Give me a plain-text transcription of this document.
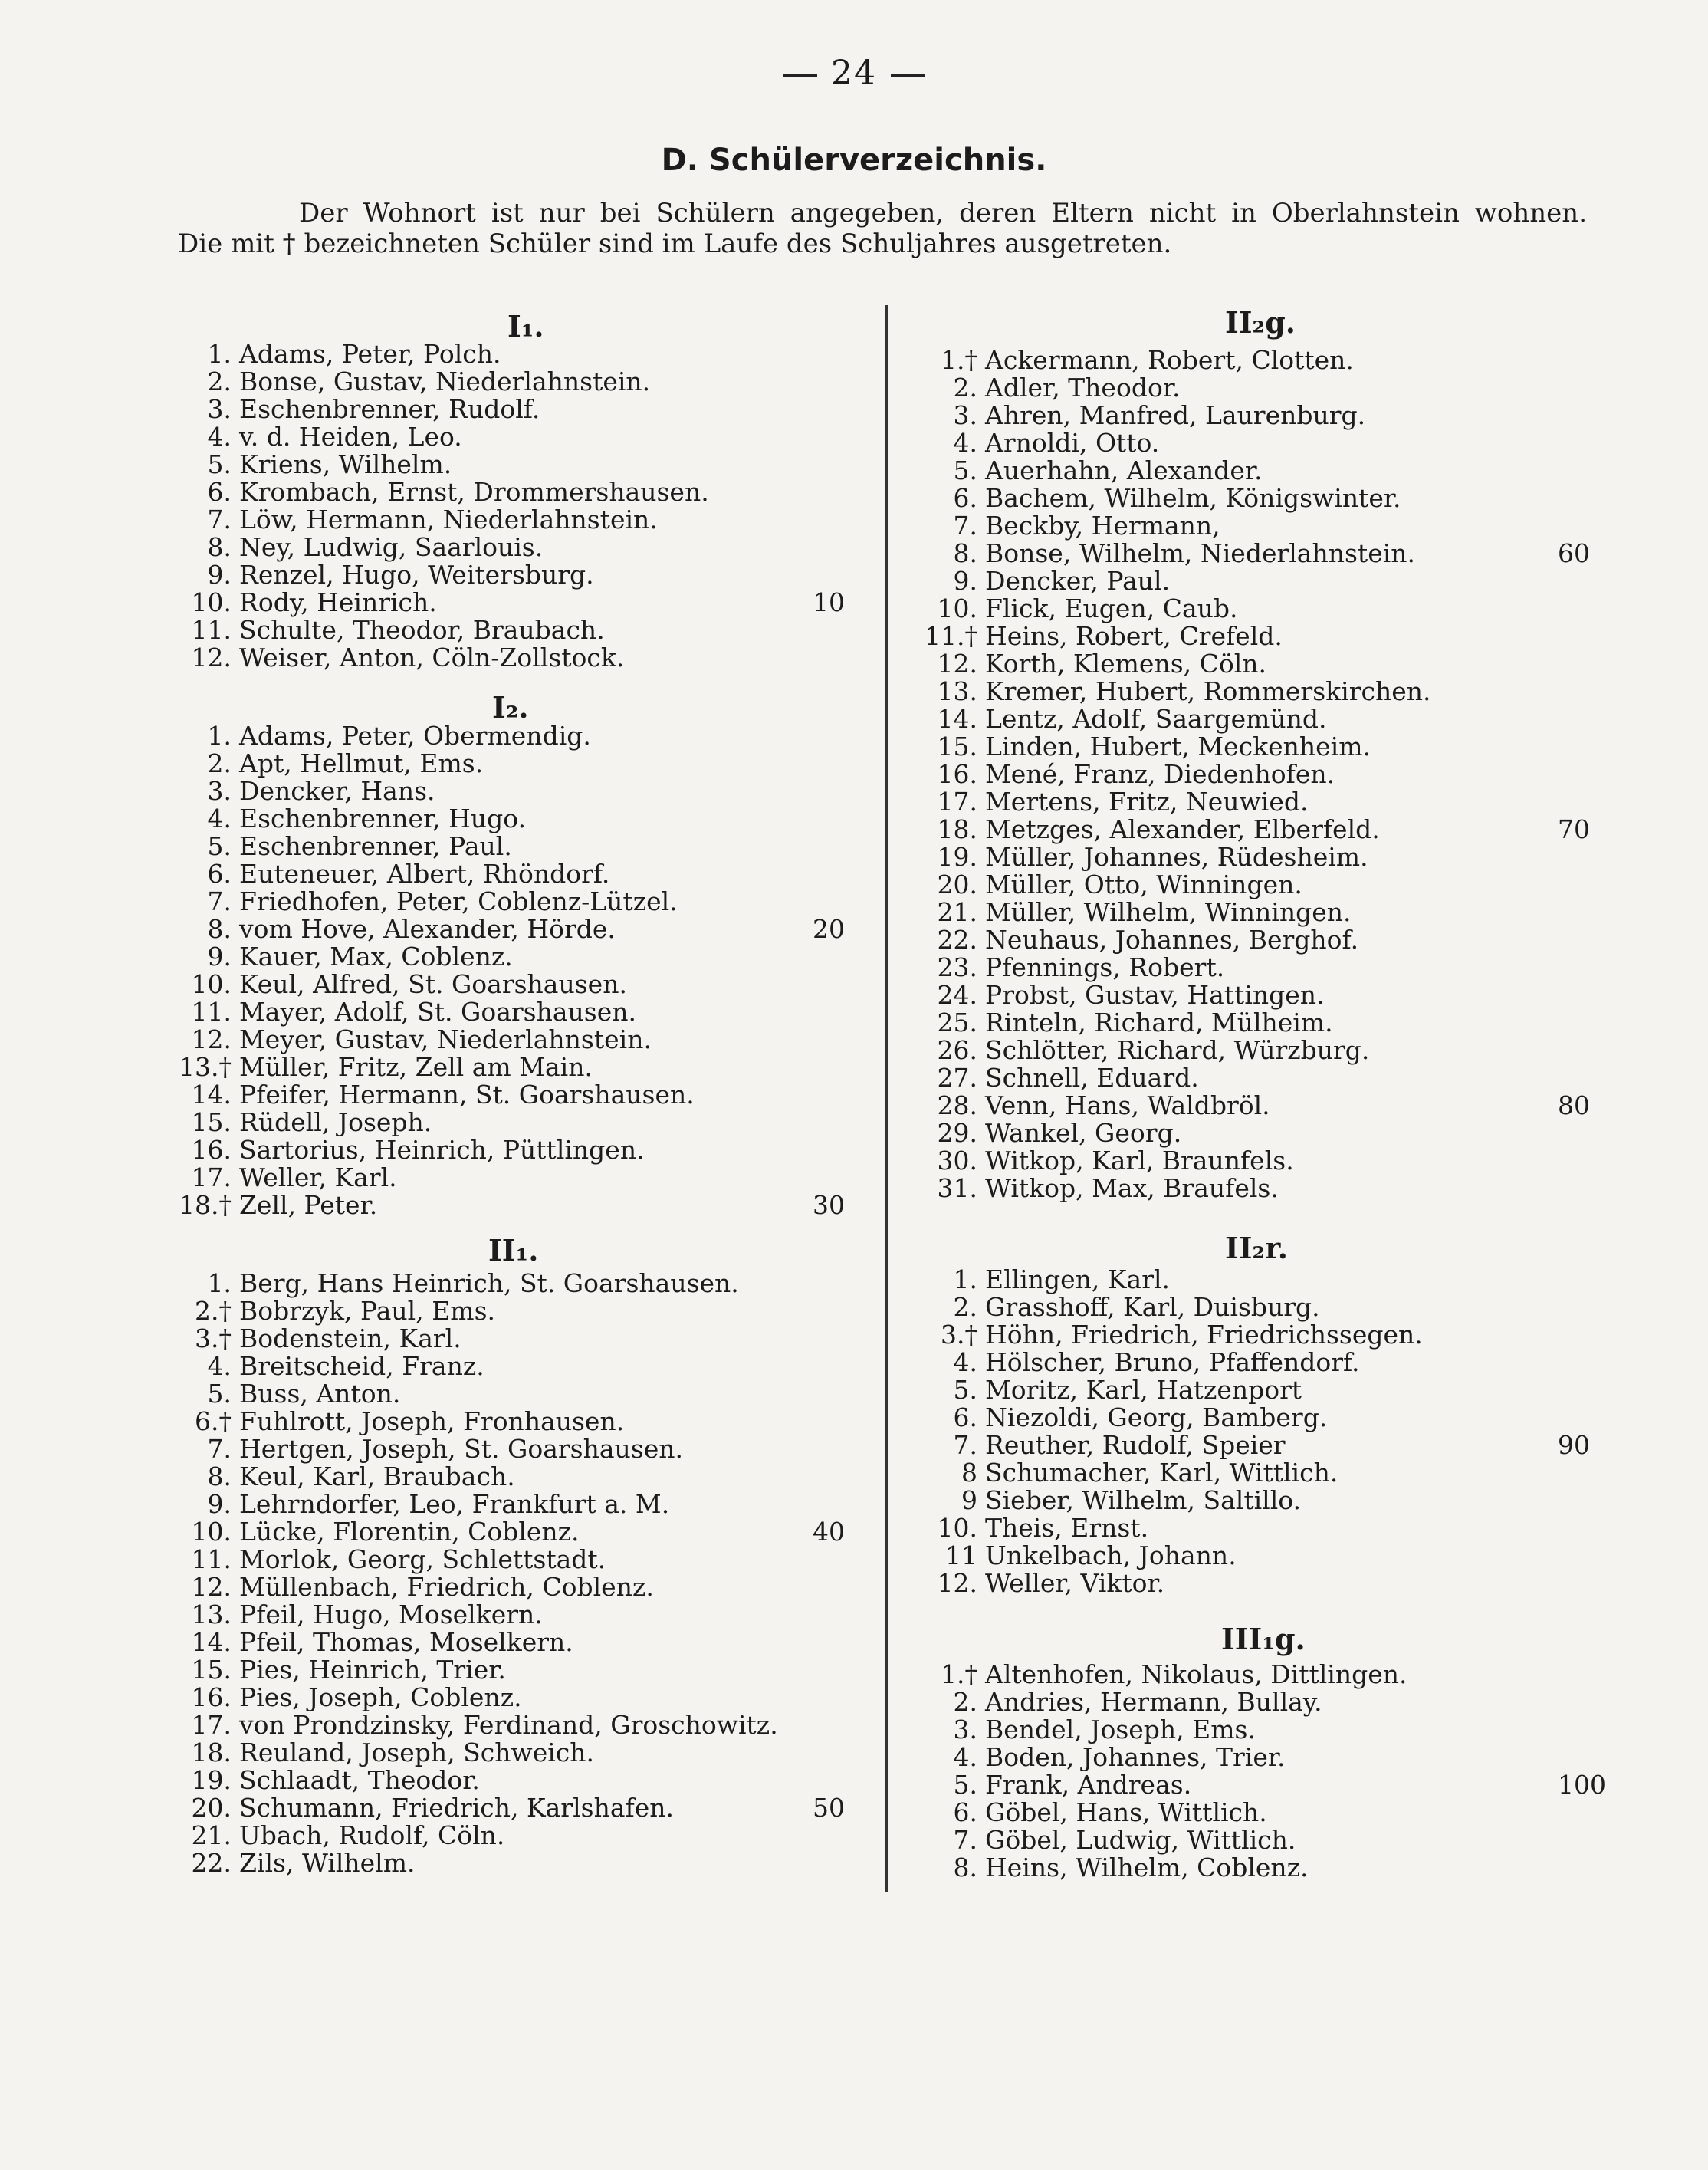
24
D. Schülerverzeichnis.
Der Wohnort ist nur bei Schülern angegeben, deren Eltern nicht in Oberlahnstein wohnen.
Die mit † bezeichneten Schüler sind im Laufe des Schuljahres ausgetreten.
I₁.
1. Adams, Peter, Polch.
2. Bonse, Gustav, Niederlahnstein.
3. Eschenbrenner, Rudolf.
4. v. d. Heiden, Leo.
5. Kriens, Wilhelm.
6. Krombach, Ernst, Drommershausen.
7. Löw, Hermann, Niederlahnstein.
8. Ney, Ludwig, Saarlouis.
9. Renzel, Hugo, Weitersburg.
10. Rody, Heinrich.	10
11. Schulte, Theodor, Braubach.
12. Weiser, Anton, Cöln-Zollstock.
I₂.
1. Adams, Peter, Obermendig.
2. Apt, Hellmut, Ems.
3. Dencker, Hans.
4. Eschenbrenner, Hugo.
5. Eschenbrenner, Paul.
6. Euteneuer, Albert, Rhöndorf.
7. Friedhofen, Peter, Coblenz-Lützel.
8. vom Hove, Alexander, Hörde.	20
9. Kauer, Max, Coblenz.
10. Keul, Alfred, St. Goarshausen.
11. Mayer, Adolf, St. Goarshausen.
12. Meyer, Gustav, Niederlahnstein.
13.† Müller, Fritz, Zell am Main.
14. Pfeifer, Hermann, St. Goarshausen.
15. Rüdell, Joseph.
16. Sartorius, Heinrich, Püttlingen.
17. Weller, Karl.
18.† Zell, Peter.	30
II₁.
1. Berg, Hans Heinrich, St. Goarshausen.
2.† Bobrzyk, Paul, Ems.
3.† Bodenstein, Karl.
4. Breitscheid, Franz.
5. Buss, Anton.
6.† Fuhlrott, Joseph, Fronhausen.
7. Hertgen, Joseph, St. Goarshausen.
8. Keul, Karl, Braubach.
9. Lehrndorfer, Leo, Frankfurt a. M.
10. Lücke, Florentin, Coblenz.	40
11. Morlok, Georg, Schlettstadt.
12. Müllenbach, Friedrich, Coblenz.
13. Pfeil, Hugo, Moselkern.
14. Pfeil, Thomas, Moselkern.
15. Pies, Heinrich, Trier.
16. Pies, Joseph, Coblenz.
17. von Prondzinsky, Ferdinand, Groschowitz.
18. Reuland, Joseph, Schweich.
19. Schlaadt, Theodor.
20. Schumann, Friedrich, Karlshafen.	50
21. Ubach, Rudolf, Cöln.
22. Zils, Wilhelm.
II₂g.
1.† Ackermann, Robert, Clotten.
2. Adler, Theodor.
3. Ahren, Manfred, Laurenburg.
4. Arnoldi, Otto.
5. Auerhahn, Alexander.
6. Bachem, Wilhelm, Königswinter.
7. Beckby, Hermann,
8. Bonse, Wilhelm, Niederlahnstein.	60
9. Dencker, Paul.
10. Flick, Eugen, Caub.
11.† Heins, Robert, Crefeld.
12. Korth, Klemens, Cöln.
13. Kremer, Hubert, Rommerskirchen.
14. Lentz, Adolf, Saargemünd.
15. Linden, Hubert, Meckenheim.
16. Mené, Franz, Diedenhofen.
17. Mertens, Fritz, Neuwied.
18. Metzges, Alexander, Elberfeld.	70
19. Müller, Johannes, Rüdesheim.
20. Müller, Otto, Winningen.
21. Müller, Wilhelm, Winningen.
22. Neuhaus, Johannes, Berghof.
23. Pfennings, Robert.
24. Probst, Gustav, Hattingen.
25. Rinteln, Richard, Mülheim.
26. Schlötter, Richard, Würzburg.
27. Schnell, Eduard.
28. Venn, Hans, Waldbröl.	80
29. Wankel, Georg.
30. Witkop, Karl, Braunfels.
31. Witkop, Max, Braufels.
II₂r.
1. Ellingen, Karl.
2. Grasshoff, Karl, Duisburg.
3.† Höhn, Friedrich, Friedrichssegen.
4. Hölscher, Bruno, Pfaffendorf.
5. Moritz, Karl, Hatzenport
6. Niezoldi, Georg, Bamberg.
7. Reuther, Rudolf, Speier	90
8 Schumacher, Karl, Wittlich.
9 Sieber, Wilhelm, Saltillo.
10. Theis, Ernst.
11 Unkelbach, Johann.
12. Weller, Viktor.
III₁g.
1.† Altenhofen, Nikolaus, Dittlingen.
2. Andries, Hermann, Bullay.
3. Bendel, Joseph, Ems.
4. Boden, Johannes, Trier.
5. Frank, Andreas.	100
6. Göbel, Hans, Wittlich.
7. Göbel, Ludwig, Wittlich.
8. Heins, Wilhelm, Coblenz.
